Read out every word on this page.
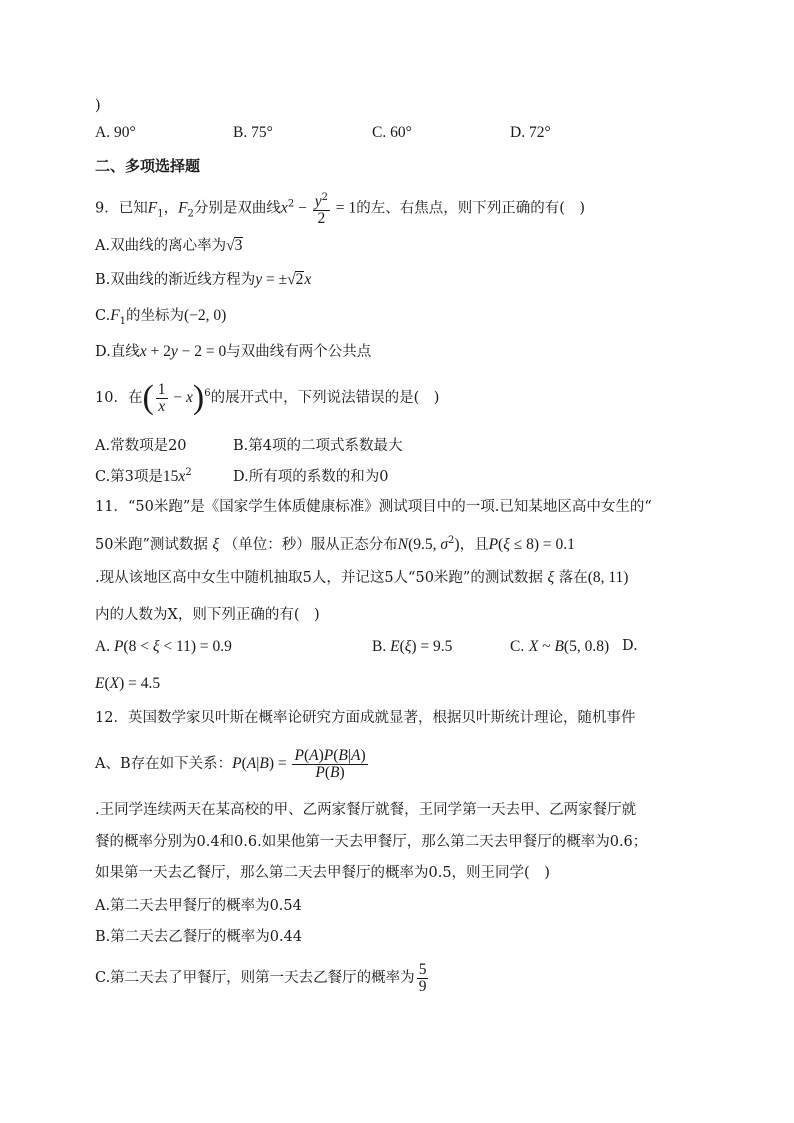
)
A. 90°	B. 75°	C. 60°	D. 72°
二、多项选择题
9．已知$F_1$，$F_2$分别是双曲线$x^2 - \frac{y^2}{2} = 1$的左、右焦点，则下列正确的有(　)
A.双曲线的离心率为√3
B.双曲线的渐近线方程为y = ±√2x
$C.F_1$的坐标为(−2, 0)
D.直线x + 2y − 2 = 0与双曲线有两个公共点
10．在( $\frac{1}{x} - x)^6$的展开式中，下列说法错误的是(　)
A.常数项是20	B.第4项的二项式系数最大
C.第3项是$15x^2$	D.所有项的系数的和为0
11．“50米跑”是《国家学生体质健康标准》测试项目中的一项.已知某地区高中女生的“
50米跑”测试数据 ξ （单位：秒）服从正态分布N(9.5, $\sigma^2$)，且P(ξ ≤ 8) = 0.1
.现从该地区高中女生中随机抽取5人，并记这5人“50米跑”的测试数据 ξ 落在(8, 11)
内的人数为X，则下列正确的有(　)
A. P(8 < ξ < 11) = 0.9	B. E(ξ) = 9.5	C. X ~ B(5, 0.8) D.
E(X) = 4.5
12．英国数学家贝叶斯在概率论研究方面成就显著，根据贝叶斯统计理论，随机事件
A、B存在如下关系：$P(A|B) = \frac{P(A)P(B|A)}{P(B)}$
.王同学连续两天在某高校的甲、乙两家餐厅就餐，王同学第一天去甲、乙两家餐厅就
餐的概率分别为0.4和0.6.如果他第一天去甲餐厅，那么第二天去甲餐厅的概率为0.6；
如果第一天去乙餐厅，那么第二天去甲餐厅的概率为0.5，则王同学(　)
A.第二天去甲餐厅的概率为0.54
B.第二天去乙餐厅的概率为0.44
C.第二天去了甲餐厅，则第一天去乙餐厅的概率为 $\frac{5}{9}$
